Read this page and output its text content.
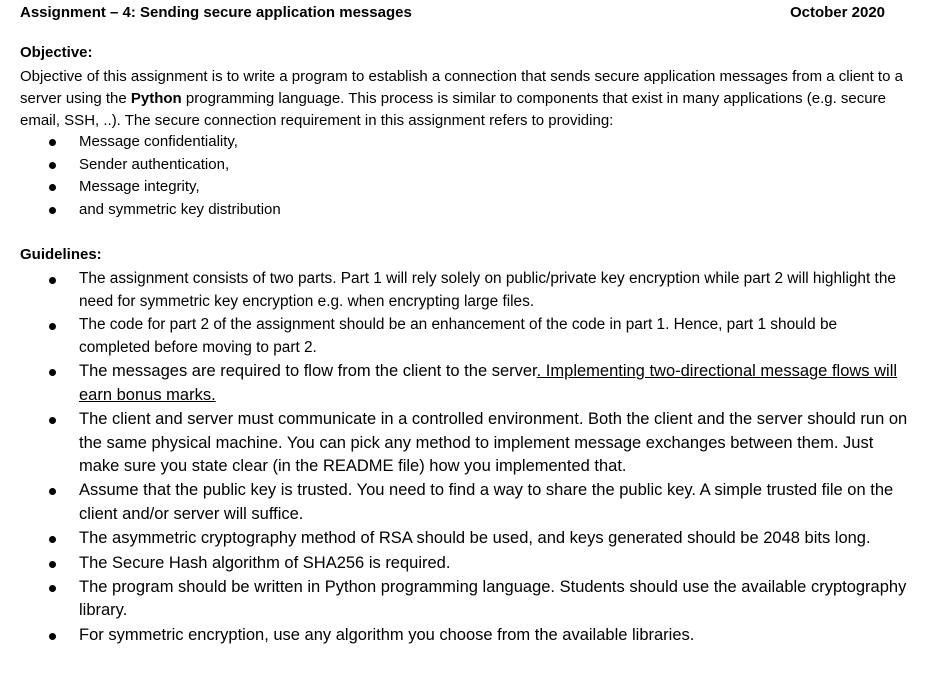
Assignment – 4: Sending secure application messages	October 2020
Objective:
Objective of this assignment is to write a program to establish a connection that sends secure application messages from a client to a server using the Python programming language. This process is similar to components that exist in many applications (e.g. secure email, SSH, ..). The secure connection requirement in this assignment refers to providing:
Message confidentiality,
Sender authentication,
Message integrity,
and symmetric key distribution
Guidelines:
The assignment consists of two parts. Part 1 will rely solely on public/private key encryption while part 2 will highlight the need for symmetric key encryption e.g. when encrypting large files.
The code for part 2 of the assignment should be an enhancement of the code in part 1. Hence, part 1 should be completed before moving to part 2.
The messages are required to flow from the client to the server. Implementing two-directional message flows will earn bonus marks.
The client and server must communicate in a controlled environment. Both the client and the server should run on the same physical machine. You can pick any method to implement message exchanges between them. Just make sure you state clear (in the README file) how you implemented that.
Assume that the public key is trusted. You need to find a way to share the public key. A simple trusted file on the client and/or server will suffice.
The asymmetric cryptography method of RSA should be used, and keys generated should be 2048 bits long.
The Secure Hash algorithm of SHA256 is required.
The program should be written in Python programming language. Students should use the available cryptography library.
For symmetric encryption, use any algorithm you choose from the available libraries.
